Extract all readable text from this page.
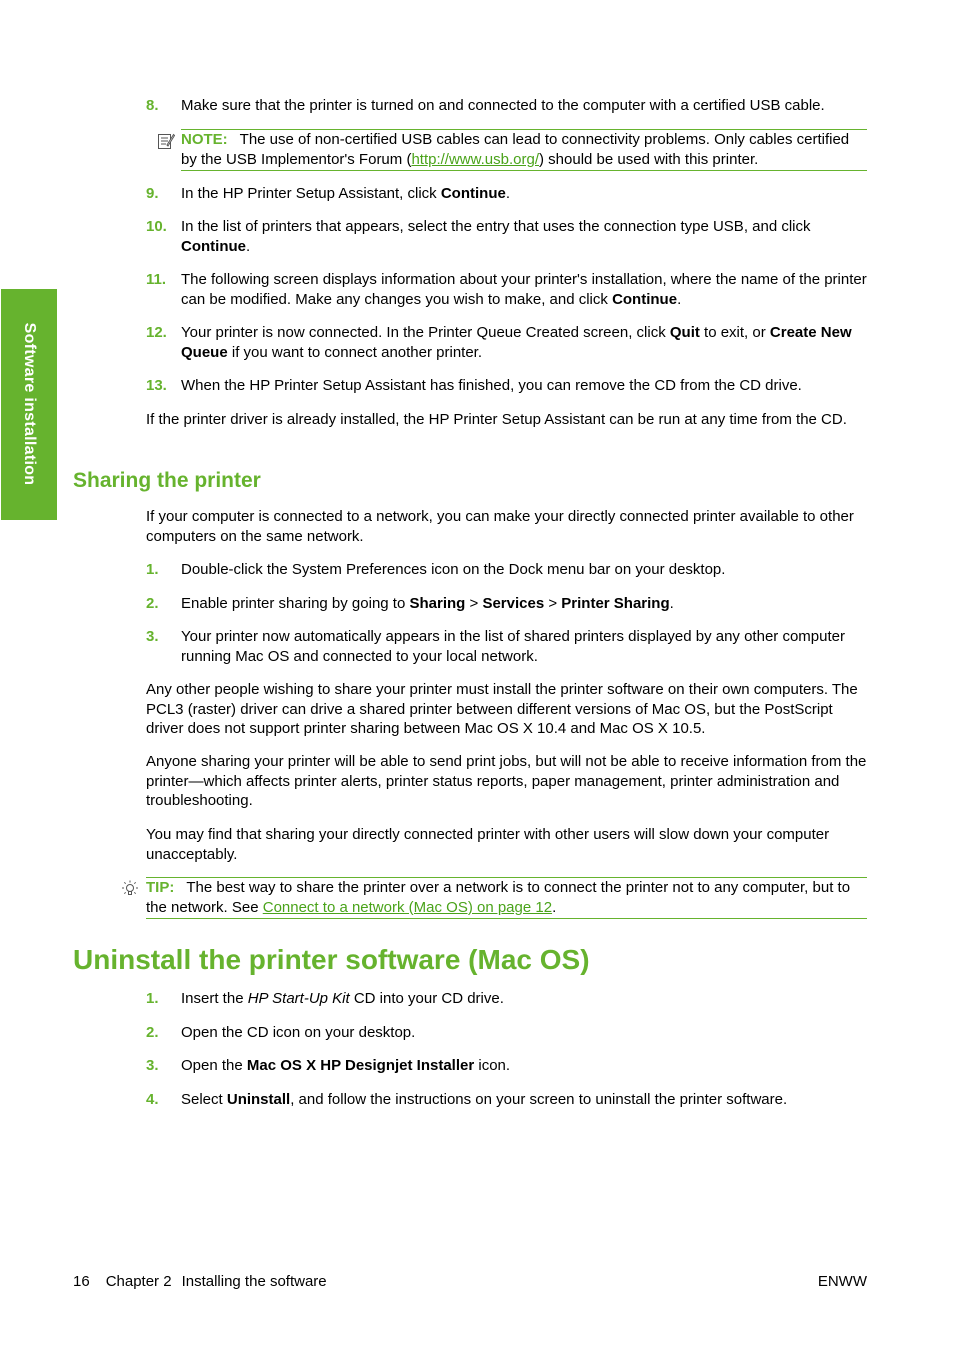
Software installation
8. Make sure that the printer is turned on and connected to the computer with a certified USB cable.
NOTE: The use of non-certified USB cables can lead to connectivity problems. Only cables certified by the USB Implementor's Forum (http://www.usb.org/) should be used with this printer.
9. In the HP Printer Setup Assistant, click Continue.
10. In the list of printers that appears, select the entry that uses the connection type USB, and click Continue.
11. The following screen displays information about your printer's installation, where the name of the printer can be modified. Make any changes you wish to make, and click Continue.
12. Your printer is now connected. In the Printer Queue Created screen, click Quit to exit, or Create New Queue if you want to connect another printer.
13. When the HP Printer Setup Assistant has finished, you can remove the CD from the CD drive.
If the printer driver is already installed, the HP Printer Setup Assistant can be run at any time from the CD.
Sharing the printer
If your computer is connected to a network, you can make your directly connected printer available to other computers on the same network.
1. Double-click the System Preferences icon on the Dock menu bar on your desktop.
2. Enable printer sharing by going to Sharing > Services > Printer Sharing.
3. Your printer now automatically appears in the list of shared printers displayed by any other computer running Mac OS and connected to your local network.
Any other people wishing to share your printer must install the printer software on their own computers. The PCL3 (raster) driver can drive a shared printer between different versions of Mac OS, but the PostScript driver does not support printer sharing between Mac OS X 10.4 and Mac OS X 10.5.
Anyone sharing your printer will be able to send print jobs, but will not be able to receive information from the printer—which affects printer alerts, printer status reports, paper management, printer administration and troubleshooting.
You may find that sharing your directly connected printer with other users will slow down your computer unacceptably.
TIP: The best way to share the printer over a network is to connect the printer not to any computer, but to the network. See Connect to a network (Mac OS) on page 12.
Uninstall the printer software (Mac OS)
1. Insert the HP Start-Up Kit CD into your CD drive.
2. Open the CD icon on your desktop.
3. Open the Mac OS X HP Designjet Installer icon.
4. Select Uninstall, and follow the instructions on your screen to uninstall the printer software.
16 Chapter 2 Installing the software	ENWW
